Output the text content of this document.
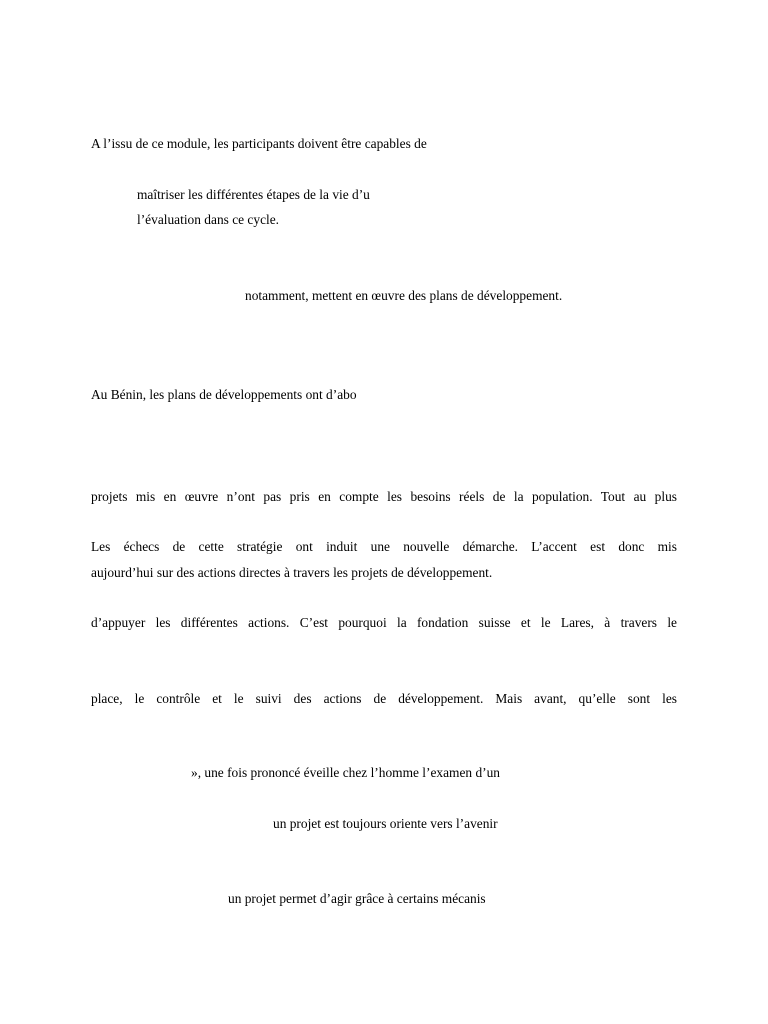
A l’issu de ce module, les participants doivent être capables de
maîtriser les différentes étapes de la vie d’u
l’évaluation dans ce cycle.
notamment, mettent en œuvre des plans de développement.
Au Bénin, les plans de développements ont d’abo
projets mis en œuvre n’ont pas pris en compte les besoins réels de la population. Tout au plus
Les échecs de cette stratégie ont induit une nouvelle démarche. L’accent est donc mis
aujourd’hui sur des actions directes à travers les projets de développement.
d’appuyer les différentes actions. C’est pourquoi la fondation suisse et le Lares, à travers le
place, le contrôle et le suivi des actions de développement. Mais avant, qu’elle sont les
», une fois prononcé éveille chez l’homme l’examen d’un
un projet est toujours oriente vers l’avenir
un projet permet d’agir grâce à certains mécanis
